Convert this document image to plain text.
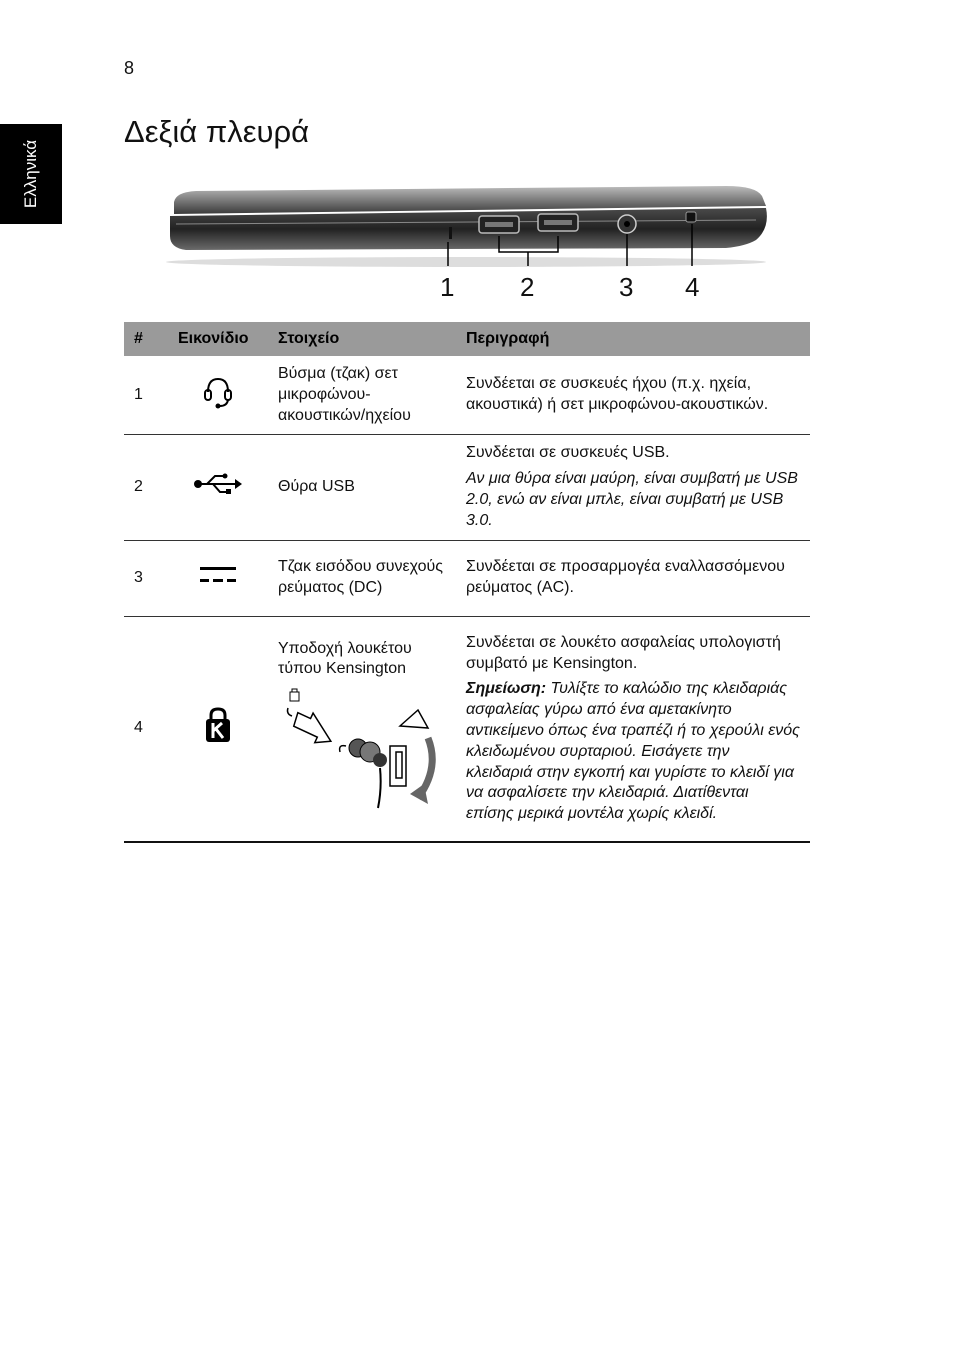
8
Ελληνικά
Δεξιά πλευρά
1	2	3 4
#	Εικονίδιο	Στοιχείο	Περιγραφή
1		Βύσμα (τζακ) σετ μικροφώνου-ακουστικών/ηχείου	Συνδέεται σε συσκευές ήχου (π.χ. ηχεία, ακουστικά) ή σετ μικροφώνου-ακουστικών.

2		Θύρα USB	Συνδέεται σε συσκευές USB.

Αν μια θύρα είναι μαύρη, είναι συμβατή με USB 2.0, ενώ αν είναι μπλε, είναι συμβατή με USB 3.0.

3		Τζακ εισόδου συνεχούς ρεύματος (DC)	Συνδέεται σε προσαρμογέα εναλλασσόμενου ρεύματος (AC).

4		Υποδοχή λουκέτου τύπου Kensington	Συνδέεται σε λουκέτο ασφαλείας υπολογιστή συμβατό με Kensington.

Σημείωση: Τυλίξτε το καλώδιο της κλειδαριάς ασφαλείας γύρω από ένα αμετακίνητο αντικείμενο όπως ένα τραπέζι ή το χερούλι ενός κλειδωμένου συρταριού. Εισάγετε την κλειδαριά στην εγκοπή και γυρίστε το κλειδί για να ασφαλίσετε την κλειδαριά. Διατίθενται επίσης μερικά μοντέλα χωρίς κλειδί.
